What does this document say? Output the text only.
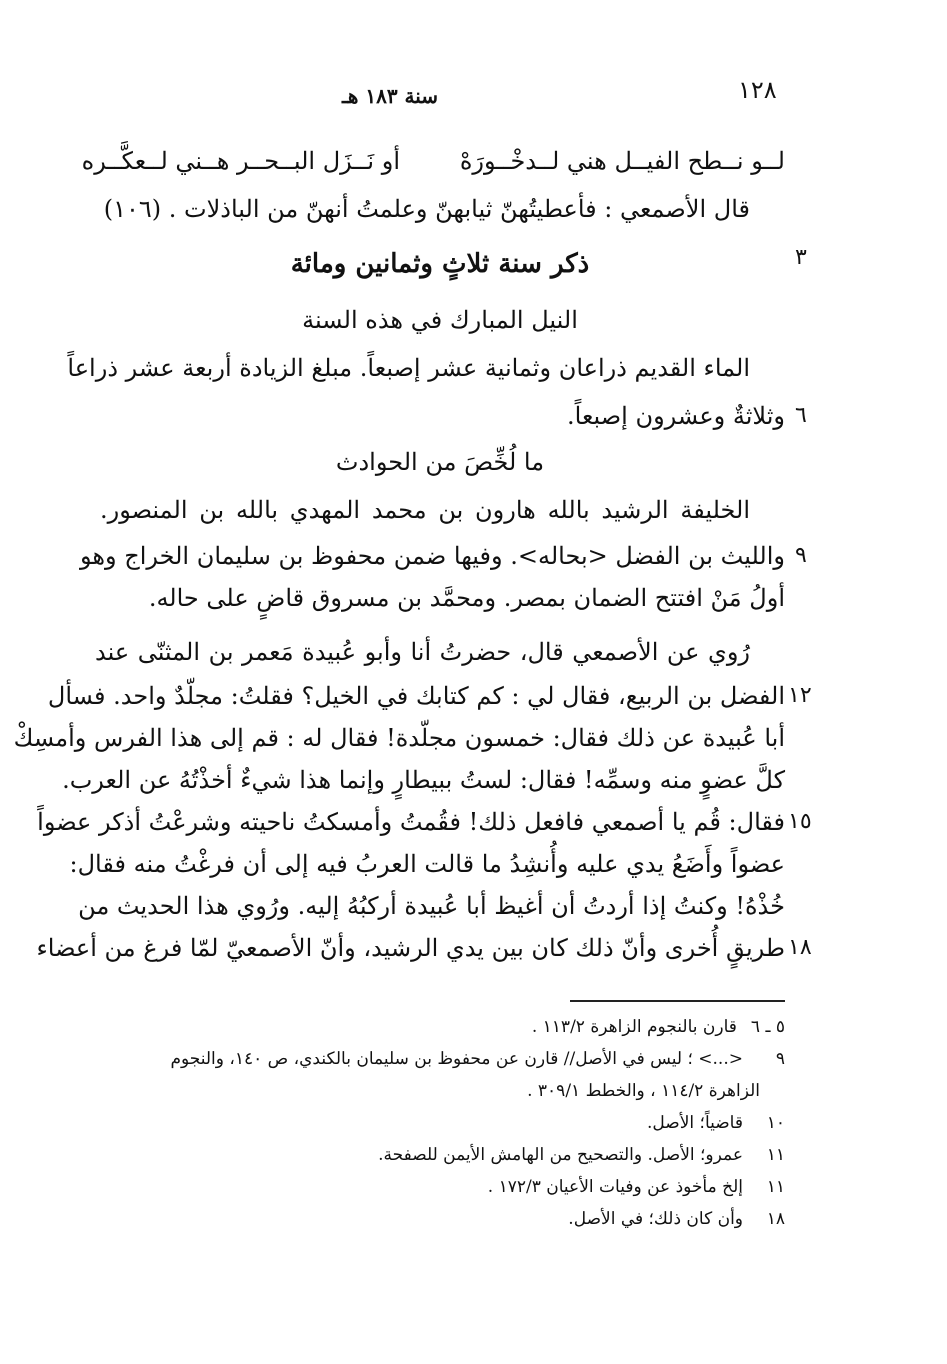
١٢٨
سنة ١٨٣ هـ
لــو نــطح الفيــل هني لــدخْــورَهْ
أو نَــزَل البــحــر هــني لــعكَّــره
قال الأصمعي : فأعطيتُهنّ ثيابهنّ وعلمتُ أنهنّ من الباذلات . (١٠٦)
٣
ذكر سنة ثلاثٍ وثمانين ومائة
النيل المبارك في هذه السنة
الماء القديم ذراعان وثمانية عشر إصبعاً. مبلغ الزيادة أربعة عشر ذراعاً
٦
وثلاثةٌ وعشرون إصبعاً.
ما لُخِّصَ من الحوادث
الخليفة الرشيد بالله هارون بن محمد المهدي بالله بن المنصور.
٩
والليث بن الفضل <بحاله>. وفيها ضمن محفوظ بن سليمان الخراج وهو
أولُ مَنْ افتتح الضمان بمصر. ومحمَّد بن مسروق قاضٍ على حاله.
رُوي عن الأصمعي قال، حضرتُ أنا وأبو عُبيدة مَعمر بن المثنّى عند
١٢
الفضل بن الربيع، فقال لي : كم كتابك في الخيل؟ فقلتُ: مجلّدٌ واحد. فسأل
أبا عُبيدة عن ذلك فقال: خمسون مجلّدة! فقال له : قم إلى هذا الفرس وأمسِكْ
كلَّ عضوٍ منه وسمِّه! فقال: لستُ ببيطارٍ وإنما هذا شيءٌ أخذْتُهُ عن العرب.
١٥
فقال: قُم يا أصمعي فافعل ذلك! فقُمتُ وأمسكتُ ناحيته وشرعْتُ أذكر عضواً
عضواً وأَضَعُ يدي عليه وأُنشِدُ ما قالت العربُ فيه إلى أن فرغْتُ منه فقال:
خُذْهُ! وكنتُ إذا أردتُ أن أغيظ أبا عُبيدة أركبُهُ إليه. ورُوي هذا الحديث من
١٨
طريقٍ أُخرى وأنّ ذلك كان بين يدي الرشيد، وأنّ الأصمعيّ لمّا فرغ من أعضاء
٥ ـ ٦قارن بالنجوم الزاهرة ١١٣/٢ .
٩<...> ؛ ليس في الأصل// قارن عن محفوظ بن سليمان بالكندي، ص ١٤٠، والنجوم
الزاهرة ١١٤/٢ ، والخطط ٣٠٩/١ .
١٠قاضياً؛ الأصل.
١١عمرو؛ الأصل. والتصحيح من الهامش الأيمن للصفحة.
١١إلخ مأخوذ عن وفيات الأعيان ١٧٢/٣ .
١٨وأن كان ذلك؛ في الأصل.
